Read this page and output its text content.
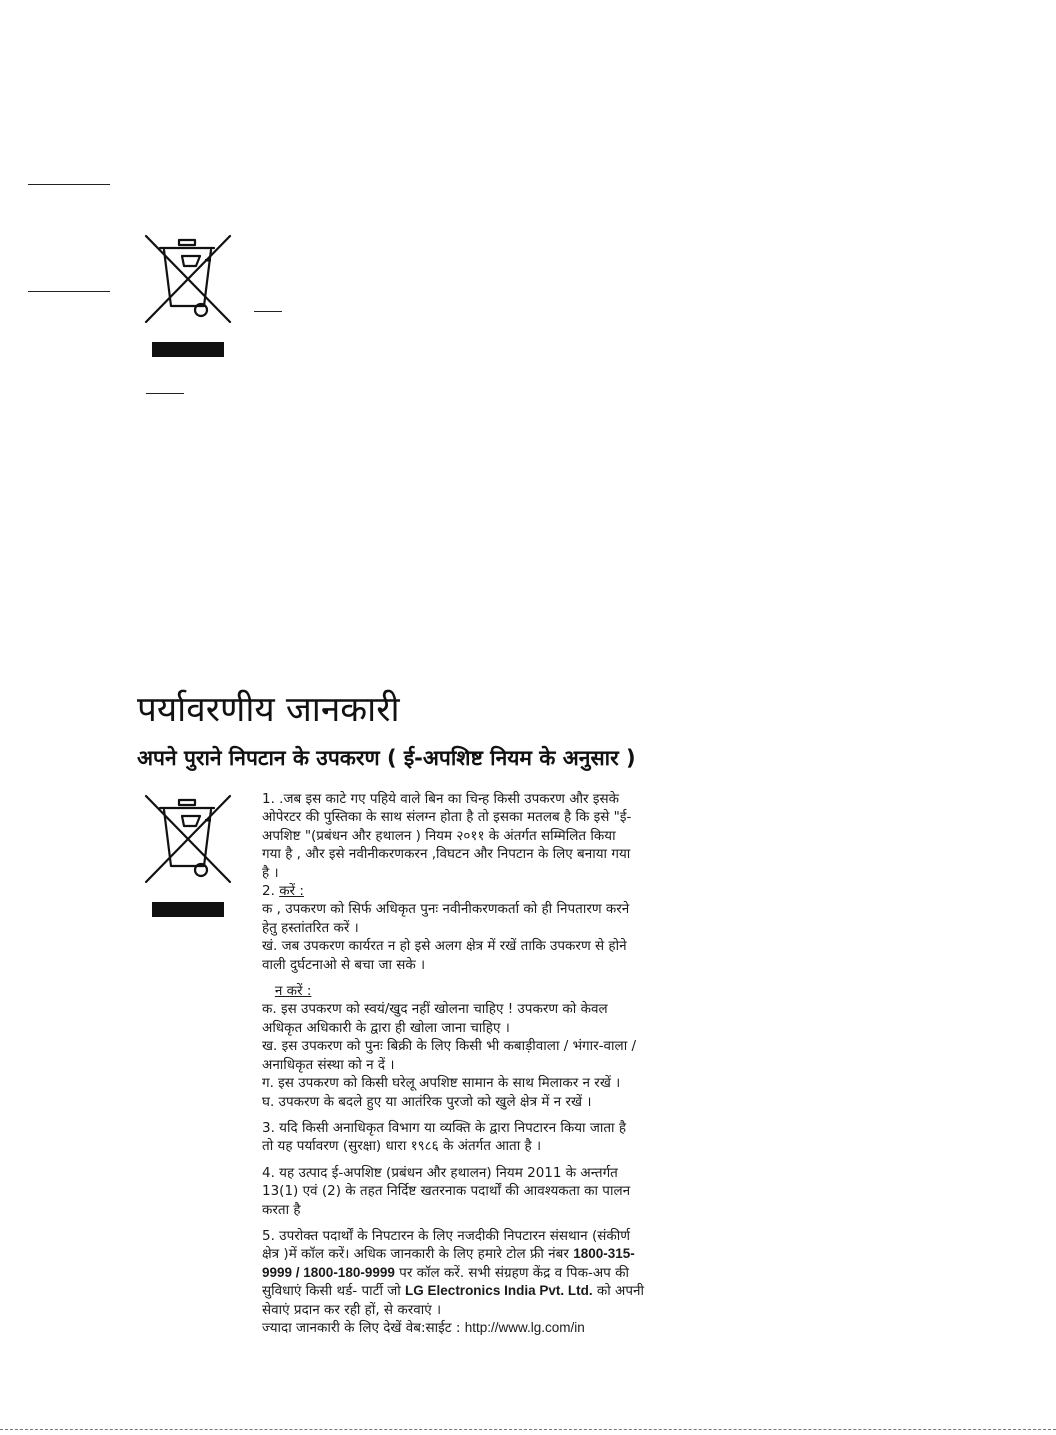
पर्यावरणीय जानकारी
अपने पुराने निपटान के उपकरण ( ई-अपशिष्ट नियम के अनुसार )
1. .जब इस काटे गए पहिये वाले बिन का चिन्ह किसी उपकरण और इसके
ओपेरटर की पुस्तिका के साथ संलग्न होता है तो इसका मतलब है कि इसे "ई-
अपशिष्ट "(प्रबंधन और हथालन ) नियम २०११ के अंतर्गत सम्मिलित किया
गया है , और इसे नवीनीकरणकरन ,विघटन और निपटान के लिए बनाया गया
है ।
2. करें :
क , उपकरण को सिर्फ अधिकृत पुनः नवीनीकरणकर्ता को ही निपतारण करने
हेतु हस्तांतरित करें ।
खं. जब उपकरण कार्यरत न हो इसे अलग क्षेत्र में रखें ताकि उपकरण से होने
वाली दुर्घटनाओ से बचा जा सके ।
न करें :
क. इस उपकरण को स्वयं/खुद नहीं खोलना चाहिए ! उपकरण को केवल
अधिकृत अधिकारी के द्वारा ही खोला जाना चाहिए ।
ख. इस उपकरण को पुनः बिक्री के लिए किसी भी कबाड़ीवाला / भंगार-वाला /
अनाधिकृत संस्था को न दें ।
ग. इस उपकरण को किसी घरेलू अपशिष्ट सामान के साथ मिलाकर न रखें ।
घ. उपकरण के बदले हुए या आतंरिक पुरजो को खुले क्षेत्र में न रखें ।
3. यदि किसी अनाधिकृत विभाग या व्यक्ति के द्वारा निपटारन किया जाता है
तो यह पर्यावरण (सुरक्षा) धारा १९८६ के अंतर्गत आता है ।
4. यह उत्पाद ई-अपशिष्ट (प्रबंधन और हथालन) नियम 2011 के अन्तर्गत
13(1) एवं (2) के तहत निर्दिष्ट खतरनाक पदार्थों की आवश्यकता का पालन
करता है
5. उपरोक्त पदार्थों के निपटारन के लिए नजदीकी निपटारन संसथान (संकीर्ण
क्षेत्र )में कॉल करें। अधिक जानकारी के लिए हमारे टोल फ्री नंबर 1800-315-
9999 / 1800-180-9999 पर कॉल करें. सभी संग्रहण केंद्र व पिक-अप की
सुविधाएं किसी थर्ड- पार्टी जो LG Electronics India Pvt. Ltd. को अपनी
सेवाएं प्रदान कर रही हों, से करवाएं ।
ज्यादा जानकारी के लिए देखें वेब:साईट : http://www.lg.com/in
